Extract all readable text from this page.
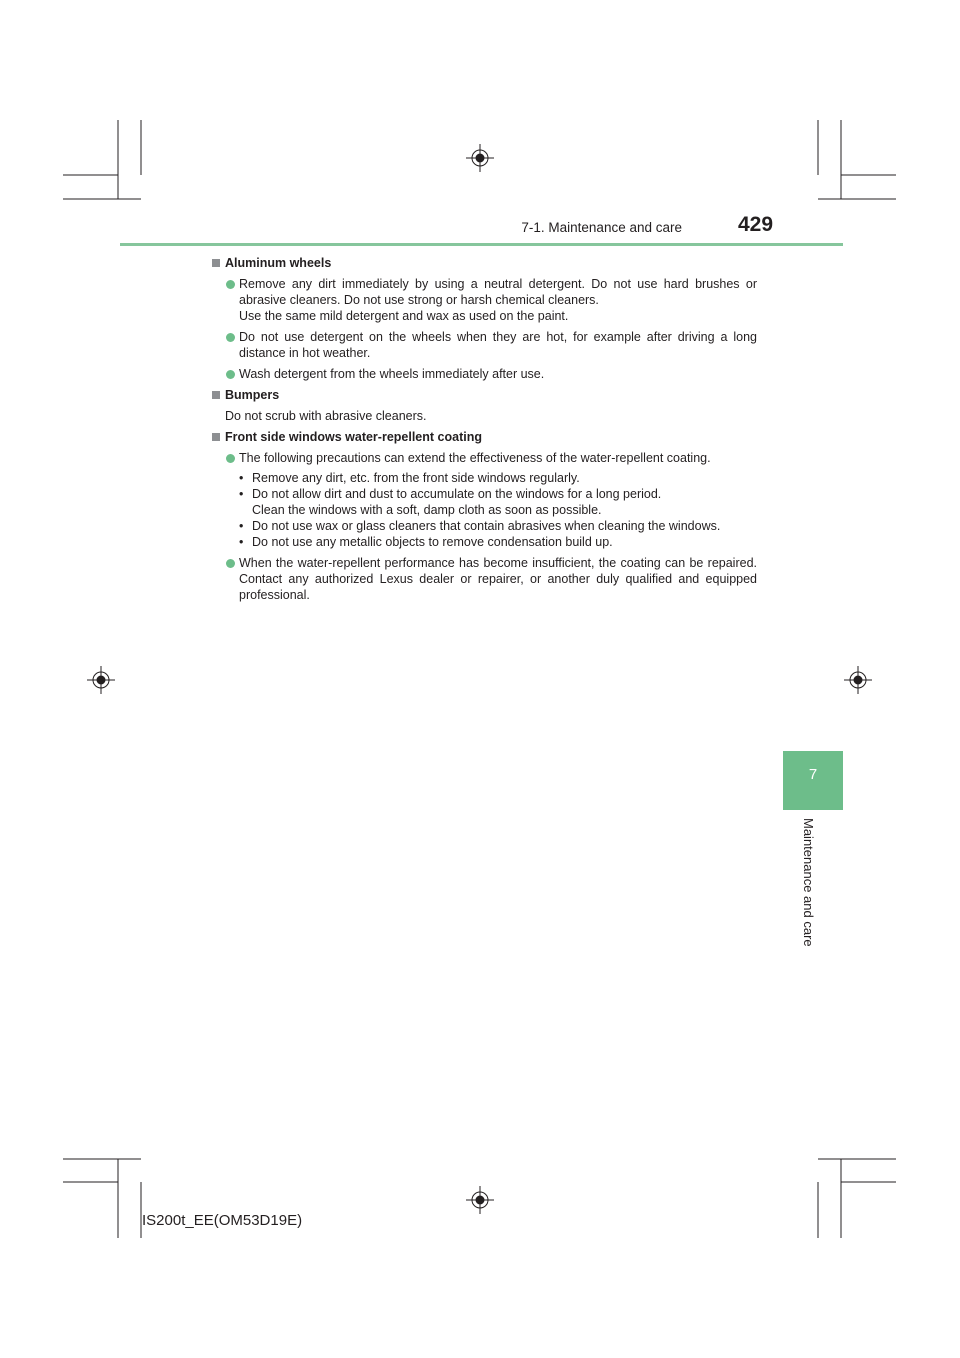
7-1. Maintenance and care	429
7
Maintenance and care
Aluminum wheels
Remove any dirt immediately by using a neutral detergent. Do not use hard brushes or abrasive cleaners. Do not use strong or harsh chemical cleaners.
Use the same mild detergent and wax as used on the paint.
Do not use detergent on the wheels when they are hot, for example after driving a long distance in hot weather.
Wash detergent from the wheels immediately after use.
Bumpers
Do not scrub with abrasive cleaners.
Front side windows water-repellent coating
The following precautions can extend the effectiveness of the water-repellent coating.
• Remove any dirt, etc. from the front side windows regularly.
• Do not allow dirt and dust to accumulate on the windows for a long period.
Clean the windows with a soft, damp cloth as soon as possible.
• Do not use wax or glass cleaners that contain abrasives when cleaning the windows.
• Do not use any metallic objects to remove condensation build up.
When the water-repellent performance has become insufficient, the coating can be repaired. Contact any authorized Lexus dealer or repairer, or another duly qualified and equipped professional.
IS200t_EE(OM53D19E)
